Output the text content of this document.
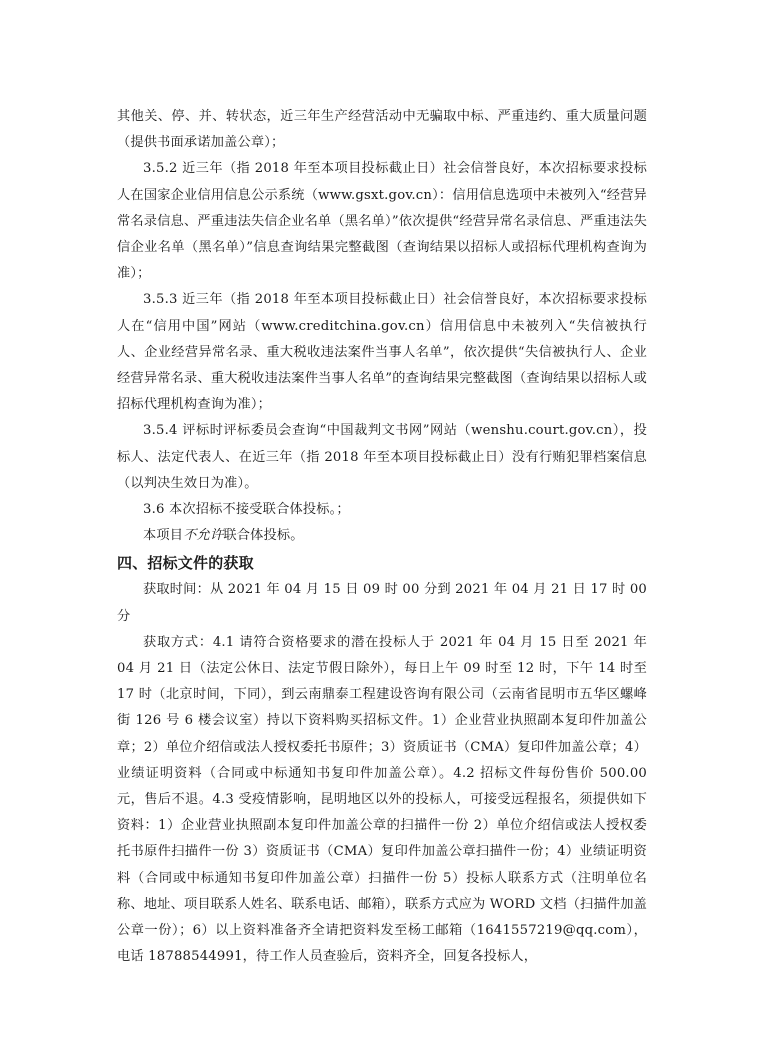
其他关、停、并、转状态，近三年生产经营活动中无骗取中标、严重违约、重大质量问题（提供书面承诺加盖公章）；

3.5.2 近三年（指 2018 年至本项目投标截止日）社会信誉良好，本次招标要求投标人在国家企业信用信息公示系统（www.gsxt.gov.cn）：信用信息选项中未被列入“经营异常名录信息、严重违法失信企业名单（黑名单）”依次提供“经营异常名录信息、严重违法失信企业名单（黑名单）”信息查询结果完整截图（查询结果以招标人或招标代理机构查询为准）；

3.5.3 近三年（指 2018 年至本项目投标截止日）社会信誉良好，本次招标要求投标人在“信用中国”网站（www.creditchina.gov.cn）信用信息中未被列入“失信被执行人、企业经营异常名录、重大税收违法案件当事人名单”，依次提供“失信被执行人、企业经营异常名录、重大税收违法案件当事人名单”的查询结果完整截图（查询结果以招标人或招标代理机构查询为准）；

3.5.4 评标时评标委员会查询“中国裁判文书网”网站（wenshu.court.gov.cn），投标人、法定代表人、在近三年（指 2018 年至本项目投标截止日）没有行贿犯罪档案信息（以判决生效日为准）。

3.6 本次招标不接受联合体投标。；

本项目不允许联合体投标。

四、招标文件的获取

获取时间：从 2021 年 04 月 15 日 09 时 00 分到 2021 年 04 月 21 日 17 时 00 分

获取方式：4.1 请符合资格要求的潜在投标人于 2021 年 04 月 15 日至 2021 年 04 月 21 日（法定公休日、法定节假日除外），每日上午 09 时至 12 时，下午 14 时至 17 时（北京时间，下同），到云南鼎泰工程建设咨询有限公司（云南省昆明市五华区螺峰街 126 号 6 楼会议室）持以下资料购买招标文件。1）企业营业执照副本复印件加盖公章；2）单位介绍信或法人授权委托书原件；3）资质证书（CMA）复印件加盖公章；4）业绩证明资料（合同或中标通知书复印件加盖公章）。4.2 招标文件每份售价 500.00 元，售后不退。4.3 受疫情影响，昆明地区以外的投标人，可接受远程报名，须提供如下资料：1）企业营业执照副本复印件加盖公章的扫描件一份 2）单位介绍信或法人授权委托书原件扫描件一份 3）资质证书（CMA）复印件加盖公章扫描件一份；4）业绩证明资料（合同或中标通知书复印件加盖公章）扫描件一份 5）投标人联系方式（注明单位名称、地址、项目联系人姓名、联系电话、邮箱），联系方式应为 WORD 文档（扫描件加盖公章一份）；6）以上资料准备齐全请把资料发至杨工邮箱（1641557219@qq.com），电话 18788544991，待工作人员查验后，资料齐全，回复各投标人，
